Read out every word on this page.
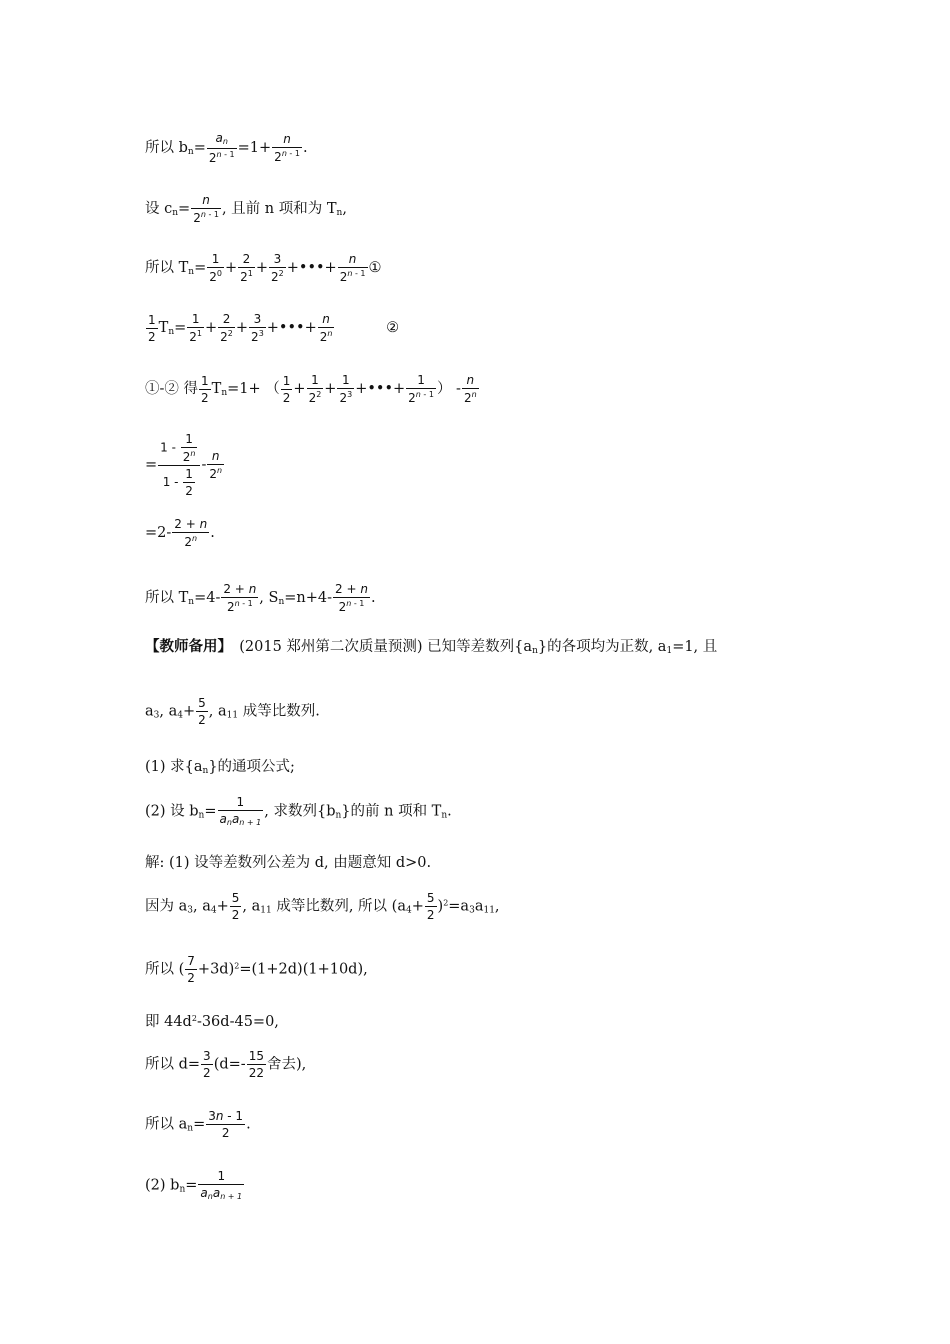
所以 $b_n= \frac{a_n}{2^{n - 1}} =1+ \frac{n}{2^{n - 1}}$ .
设 $c_n= \frac{n}{2^{n - 1}}$ , 且前 n 项和为 $T_n$,
所以 $T_n= \frac{1}{2^0} + \frac{2}{2^1} + \frac{3}{2^2}$ +•••+ $\frac{n}{2^{n - 1}}$ ①
$\frac{1}{2} T_n= \frac{1}{2^1} + \frac{2}{2^2} + \frac{3}{2^3}$ +•••+ $\frac{n}{2^n}$ ②
①-② 得 $\frac{1}{2} T_n=1+$ （ $\frac{1}{2} + \frac{1}{2^2} + \frac{1}{2^3}$ +•••+ $\frac{1}{2^{n - 1}}$ ） - $\frac{n}{2^n}$
= $\frac{1 - \frac{1}{2^n}}{1 - \frac{1}{2}} - \frac{n}{2^n}$
$=2- \frac{2 + n}{2^n}$ .
所以 $T_n=4- \frac{2 + n}{2^{n - 1}}$ , $S_n=n+4- \frac{2 + n}{2^{n - 1}}$ .
【教师备用】　(2015 郑州第二次质量预测) 已知等差数列$\{a_n\}$的各项均为正数, $a_1=1$, 且
$a_3$, $a_4+ \frac{5}{2}$ , $a_{11}$ 成等比数列.
(1) 求$\{a_n\}$的通项公式;
(2) 设 $b_n=$
1
$a_na_{n + 1}$
, 求数列$\{b_n\}$的前 n 项和 $T_n$.
解: (1) 设等差数列公差为 d, 由题意知 d>0.
因为 $a_3$, $a_4+ \frac{5}{2}$ , $a_{11}$ 成等比数列, 所以 $(a_4+ \frac{5}{2} )^2=a_3a_{11}$,
所以 ( $\frac{7}{2} +3d)^2=(1+2d)(1+10d)$,
即 $44d^2-36d-45=0$,
所以 $d= \frac{3}{2} (d=- \frac{15}{22}$ 舍去),
所以 $a_n= \frac{3n - 1}{2}$ .
(2) $b_n=$
1
$a_na_{n + 1}$
